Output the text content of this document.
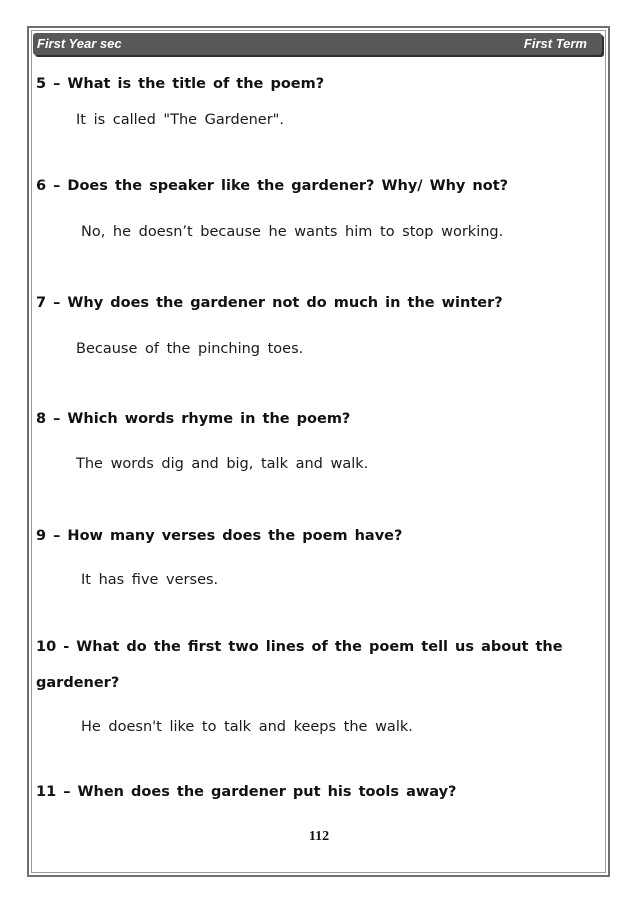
First Year sec	First Term
5 – What is the title of the poem?
It is called "The Gardener".
6 – Does the speaker like the gardener? Why/ Why not?
No, he doesn’t because he wants him to stop working.
7 – Why does the gardener not do much in the winter?
Because of the pinching toes.
8 – Which words rhyme in the poem?
The words dig and big, talk and walk.
9 – How many verses does the poem have?
It has five verses.
10 - What do the first two lines of the poem tell us about the
gardener?
He doesn't like to talk and keeps the walk.
11 – When does the gardener put his tools away?
112
